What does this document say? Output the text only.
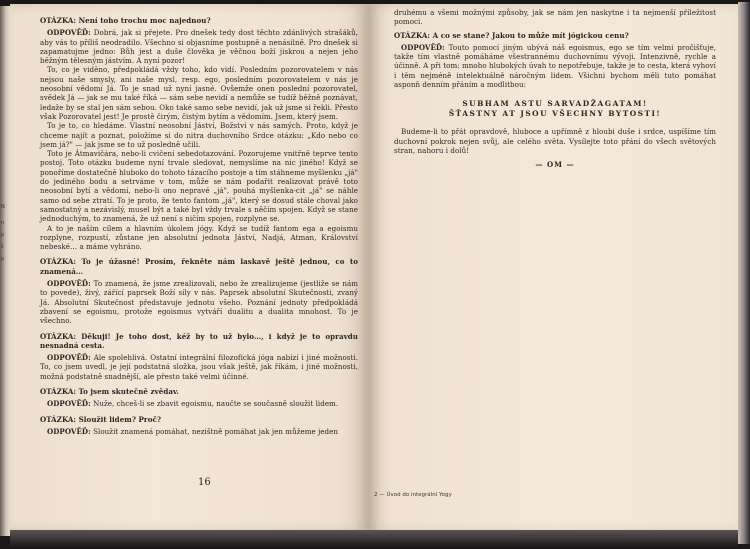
N
n
p
š
p

OTÁZKA: Není toho trochu moc najednou?

ODPOVĚĎ: Dobrá, jak si přejete. Pro dnešek tedy dost těchto zdánlivých strašáků, aby vás to příliš neodradilo. Všechno si objasníme postupně a nenásilně. Pro dnešek si zapamatujme jedno: Bůh jest a duše člověka je věčnou boží jiskrou a nejen jeho běžným tělesným jástvím. A nyní pozor!

To, co je viděno, předpokládá vždy toho, kdo vidí. Posledním pozorovatelem v nás nejsou naše smysly, ani naše mysl, resp. ego, posledním pozorovatelem v nás je neosobní vědomí Já. To je snad už nyní jasné. Ovšemže onen poslední pozorovatel, svědek Já — jak se mu také říká — sám sebe nevidí a nemůže se tudíž běžně poznávat, ledaže by se stal jen sám sebou. Oko také samo sebe nevidí, jak už jsme si řekli. Přesto však Pozorovatel jest! Je prostě čirým, čistým bytím a vědomím. Jsem, který jsem.

To je to, co hledáme. Vlastní neosobní Jáství, Božství v nás samých. Proto, když je chceme najít a poznat, položíme si do nitra duchovního Srdce otázku: „Kdo nebo co jsem já?" — jak jsme se to už posledně učili.

Toto je Átmavičára, nebo-li cvičení sebedotazování. Pozorujeme vnitřně teprve tento postoj. Toto otázku budeme nyní trvale sledovat, nemyslíme na nic jiného! Když se ponoříme dostatečně hluboko do tohoto tázacího postoje a tím stáhneme myšlenku „já" do jediného bodu a setrváme v tom, může se nám podařit realizovat právě toto neosobní bytí a vědomí, nebo-li ono nepravé „já", pouhá myšlenka-cit „já" se náhle samo od sebe ztratí. To je proto, že tento fantom „já", který se dosud stále choval jako samostatný a nezávislý, musel být a také byl vždy trvale s něčím spojen. Když se stane jednoduchým, to znamená, že už není s ničím spojen, rozplyne se.

A to je naším cílem a hlavním úkolem jógy. Když se tudíž fantom ega a egoismu rozplyne, rozpustí, zůstane jen absolutní jednota Jáství, Nadjá, Atman, Království nebeské… a máme vyhráno.

OTÁZKA: To je úžasné! Prosím, řekněte nám laskavě ještě jednou, co to znamená…

ODPOVĚĎ: To znamená, že jsme zrealizovali, nebo že zrealizujeme (jestliže se nám to povede), živý, zářící paprsek Boží síly v nás. Paprsek absolutní Skutečnosti, zvaný Já. Absolutní Skutečnost představuje jednotu všeho. Poznání jednoty předpokládá zbavení se egoismu, protože egoismus vytváří dualitu a dualita mnohost. To je všechno.

OTÁZKA: Děkuji! Je toho dost, kéž by to už bylo…, i když je to opravdu nesnadná cesta.

ODPOVĚĎ: Ale spolehlivá. Ostatní integrální filozofická jóga nabízí i jiné možnosti. To, co jsem uvedl, je její podstatná složka, jsou však ještě, jak říkám, i jiné možnosti, možná podstatně snadnější, ale přesto také velmi účinné.

OTÁZKA: To jsem skutečně zvědav.

ODPOVĚĎ: Nuže, chceš-li se zbavit egoismu, naučte se současně sloužit lidem.

OTÁZKA: Sloužit lidem? Proč?

ODPOVĚĎ: Sloužit znamená pomáhat, nezištně pomáhat jak jen můžeme jeden

16

druhému a všemi možnými způsoby, jak se nám jen naskytne i ta nejmenší příležitost pomoci.

OTÁZKA: A co se stane? Jakou to může mít jógickou cenu?

ODPOVĚĎ: Touto pomocí jiným ubývá náš egoismus, ego se tím velmi pročišťuje, takže tím vlastně pomáháme všestrannému duchovnímu vývoji. Intenzivně, rychle a účinně. A při tom: mnoho hlubokých úvah to nepotřebuje, takže je to cesta, která vyhoví i těm nejméně intelektuálně náročným lidem. Všichni bychom měli tuto pomáhat asponň denním přáním a modlitbou:

SUBHAM ASTU SARVADŽAGATAM!
ŠŤASTNY AT JSOU VŠECHNY BYTOSTI!

Budeme-li to přát opravdově, hluboce a upřímně z hloubi duše i srdce, uspíšíme tím duchovní pokrok nejen svůj, ale celého světa. Vysílejte toto přání do všech světových stran, nahoru i dolů!

— OM —
2 — Úvod do integrální Yogy
